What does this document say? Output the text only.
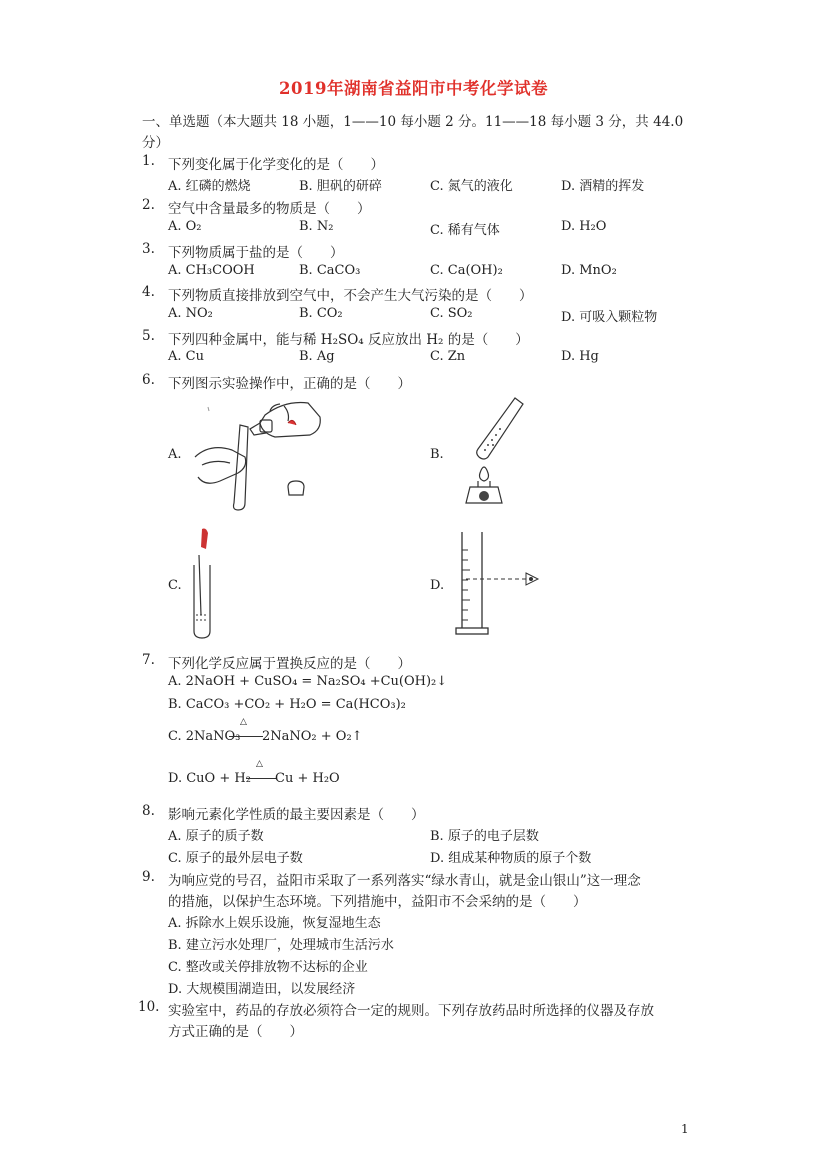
2019年湖南省益阳市中考化学试卷
一、单选题（本大题共 18 小题，1——10 每小题 2 分。11——18 每小题 3 分，共 44.0
分）
1. 下列变化属于化学变化的是（　　）
A. 红磷的燃烧	B. 胆矾的研碎	C. 氮气的液化	D. 酒精的挥发
2. 空气中含量最多的物质是（　　）
A. O₂	B. N₂	C. 稀有气体	D. H₂O
3. 下列物质属于盐的是（　　）
A. CH₃COOH	B. CaCO₃	C. Ca(OH)₂	D. MnO₂
4. 下列物质直接排放到空气中，不会产生大气污染的是（　　）
A. NO₂	B. CO₂	C. SO₂	D. 可吸入颗粒物
5. 下列四种金属中，能与稀 H₂SO₄ 反应放出 H₂ 的是（　　）
A. Cu	B. Ag	C. Zn	D. Hg
6. 下列图示实验操作中，正确的是（　　）
A.	B.
C.	D.
7. 下列化学反应属于置换反应的是（　　）
A. 2NaOH + CuSO₄ = Na₂SO₄ +Cu(OH)₂↓
B. CaCO₃ +CO₂ + H₂O = Ca(HCO₃)₂
C. 2NaNO₃
△
2NaNO₂ + O₂↑
D. CuO + H₂
△
Cu + H₂O
8. 影响元素化学性质的最主要因素是（　　）
A. 原子的质子数	B. 原子的电子层数
C. 原子的最外层电子数	D. 组成某种物质的原子个数
9. 为响应党的号召，益阳市采取了一系列落实“绿水青山，就是金山银山”这一理念
的措施，以保护生态环境。下列措施中，益阳市不会采纳的是（　　）
A. 拆除水上娱乐设施，恢复湿地生态
B. 建立污水处理厂，处理城市生活污水
C. 整改或关停排放物不达标的企业
D. 大规模围湖造田，以发展经济
10. 实验室中，药品的存放必须符合一定的规则。下列存放药品时所选择的仪器及存放
方式正确的是（　　）
1
